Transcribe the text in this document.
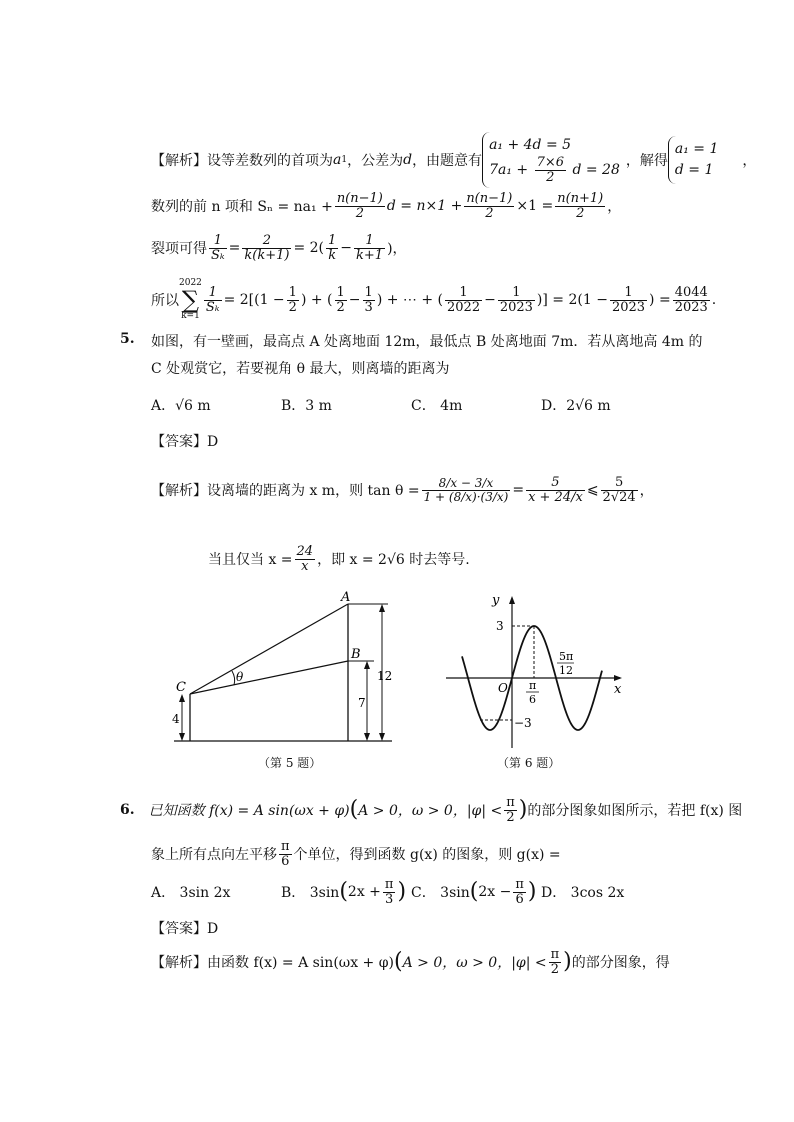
【解析】 设等差数列的首项为 a 1 ，公差为 d ，由题意有
a₁ + 4d = 5
$7a_1 + \frac{7\times 6}{2}$ d = 28
，解得
a₁ = 1
d = 1
，
数列的前 n 项和 $S_n = na_1 + \frac{n(n-1)}{2}$ $d = n\times 1 + \frac{n(n-1)}{2} \times 1 = \frac{n(n+1)}{2}$ ，
裂项可得 $\frac{1}{\text{Sₖ}} = \frac{2}{k(k+1)} = 2( \frac{1}{k} - \frac{1}{k+1}$ )，
所以
2022
∑
k=1
$\frac{1}{\text{Sₖ}} = 2[(1 - \frac{1}{2}$ ) + ( $\frac{1}{2} - \frac{1}{3}$ ) + ⋯ + ( $\frac{1}{2022} - \frac{1}{2023}$ )] = $2(1 - \frac{1}{2023}$ ) = $\frac{4044}{2023}$ .
5. 如图，有一壁画，最高点 A 处离地面 12m，最低点 B 处离地面 7m．若从离地高 4m 的
C 处观赏它，若要视角 θ 最大，则离墙的距离为
A．√6 m	B．3 m	C． 4m	D．2√6 m
【答案】D
【解析】设离墙的距离为 x m，则 $\tan \theta = \frac{8/x - 3/x}{1 + (8/x)\cdot(3/x)} = \frac{5}{x + 24/x}$ ⩽ $\frac{5}{2√24}$ ，
当且仅当 $x = \frac{24}{x}$ ，即 x = 2√6 时去等号.
A
B
C
θ
4
7
12
（第 5 题）
3
−3
O
y
x
π
6
5π
12
（第 6 题）
6. 已知函数 f(x) = A sin(ωx + φ) ( A > 0，ω > 0，$|\varphi| < \frac{\pi}{2}$ ) 的部分图象如图所示，若把 f(x) 图
象上所有点向左平移 $\frac{\pi}{6}$ 个单位，得到函数 g(x) 的图象，则 g(x) =
A． 3sin 2x	B． 3sin ( $2x + \frac{\pi}{3}$ ) C． 3sin ( $2x - \frac{\pi}{6}$ ) D． 3cos 2x
【答案】D
【解析】由函数 f(x) = A sin(ωx + φ) ( A > 0，ω > 0，$|\varphi| < \frac{\pi}{2}$ ) 的部分图象，得
